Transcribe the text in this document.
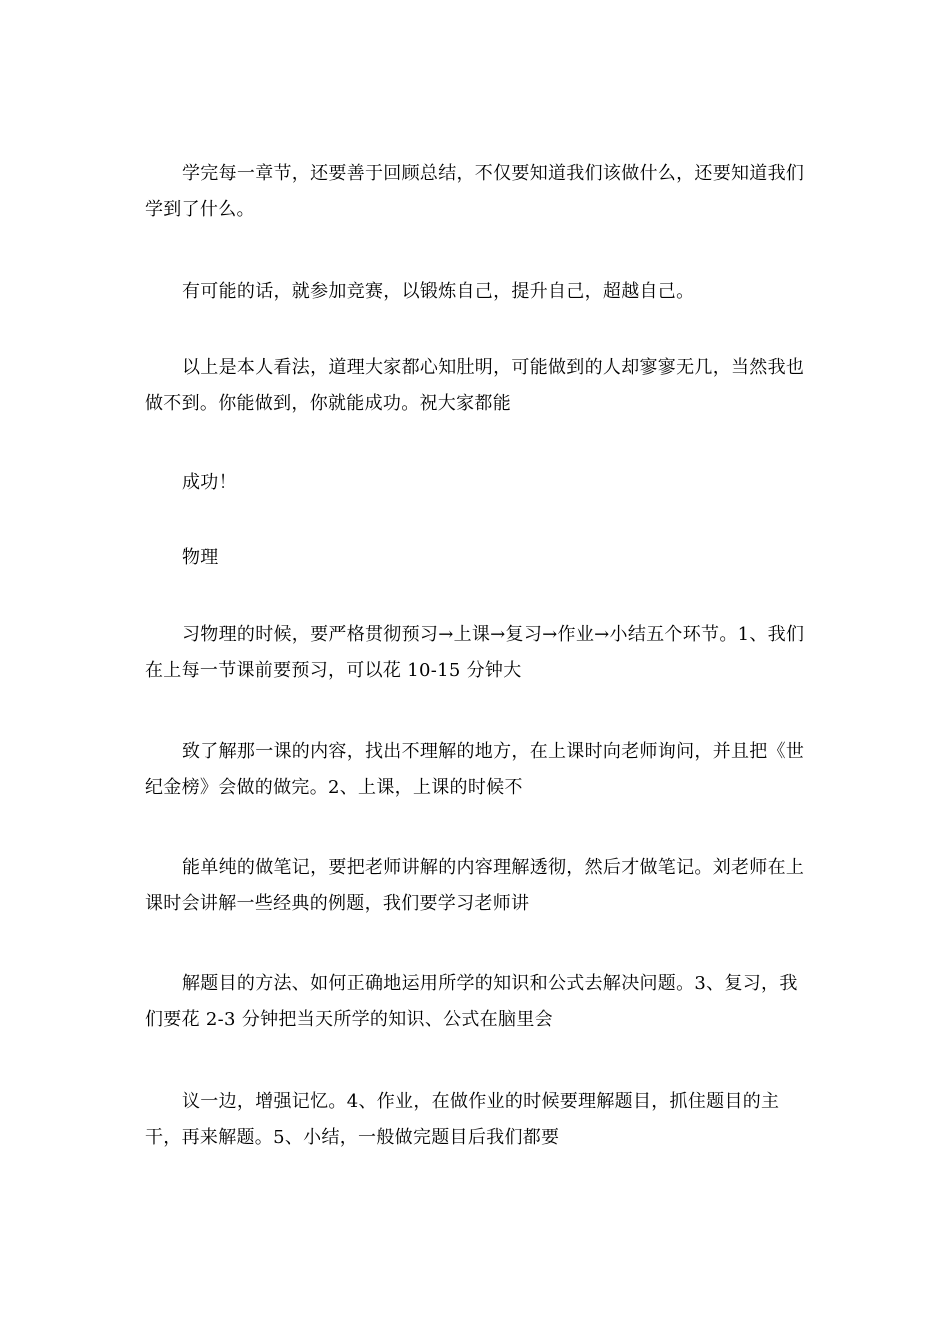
学完每一章节，还要善于回顾总结，不仅要知道我们该做什么，还要知道我们学到了什么。

有可能的话，就参加竞赛，以锻炼自己，提升自己，超越自己。

以上是本人看法，道理大家都心知肚明，可能做到的人却寥寥无几，当然我也做不到。你能做到，你就能成功。祝大家都能

成功！

物理

习物理的时候，要严格贯彻预习→上课→复习→作业→小结五个环节。1、我们在上每一节课前要预习，可以花 10-15 分钟大

致了解那一课的内容，找出不理解的地方，在上课时向老师询问，并且把《世纪金榜》会做的做完。2、上课，上课的时候不

能单纯的做笔记，要把老师讲解的内容理解透彻，然后才做笔记。刘老师在上课时会讲解一些经典的例题，我们要学习老师讲

解题目的方法、如何正确地运用所学的知识和公式去解决问题。3、复习，我们要花 2-3 分钟把当天所学的知识、公式在脑里会

议一边，增强记忆。4、作业，在做作业的时候要理解题目，抓住题目的主干，再来解题。5、小结，一般做完题目后我们都要
